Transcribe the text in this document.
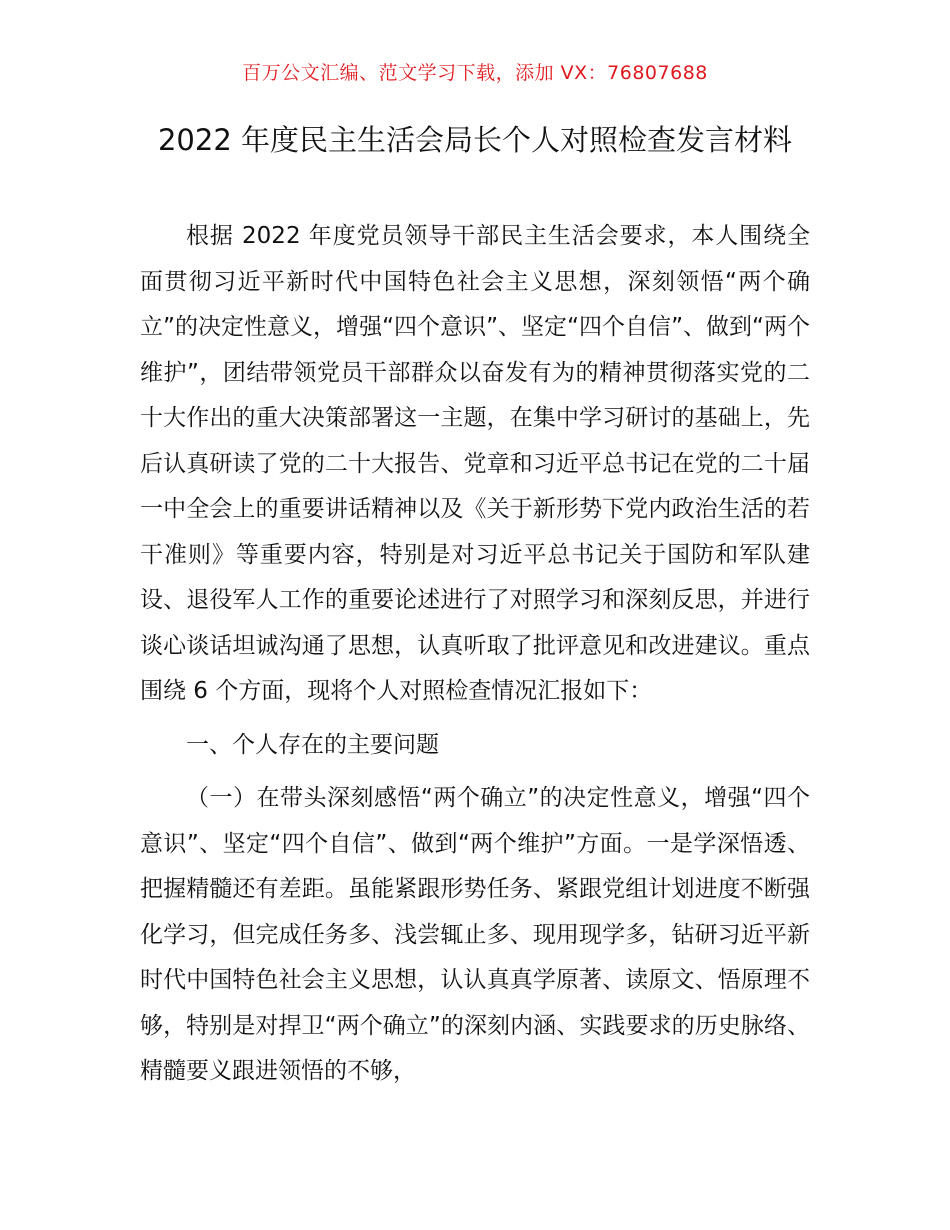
百万公文汇编、范文学习下载，添加 VX：76807688
2022 年度民主生活会局长个人对照检查发言材料

根据 2022 年度党员领导干部民主生活会要求，本人围绕全面贯彻习近平新时代中国特色社会主义思想，深刻领悟“两个确立”的决定性意义，增强“四个意识”、坚定“四个自信”、做到“两个维护”，团结带领党员干部群众以奋发有为的精神贯彻落实党的二十大作出的重大决策部署这一主题，在集中学习研讨的基础上，先后认真研读了党的二十大报告、党章和习近平总书记在党的二十届一中全会上的重要讲话精神以及《关于新形势下党内政治生活的若干准则》等重要内容，特别是对习近平总书记关于国防和军队建设、退役军人工作的重要论述进行了对照学习和深刻反思，并进行谈心谈话坦诚沟通了思想，认真听取了批评意见和改进建议。重点围绕 6 个方面，现将个人对照检查情况汇报如下：

一、个人存在的主要问题

（一）在带头深刻感悟“两个确立”的决定性意义，增强“四个意识”、坚定“四个自信”、做到“两个维护”方面。一是学深悟透、把握精髓还有差距。虽能紧跟形势任务、紧跟党组计划进度不断强化学习，但完成任务多、浅尝辄止多、现用现学多，钻研习近平新时代中国特色社会主义思想，认认真真学原著、读原文、悟原理不够，特别是对捍卫“两个确立”的深刻内涵、实践要求的历史脉络、精髓要义跟进领悟的不够，
